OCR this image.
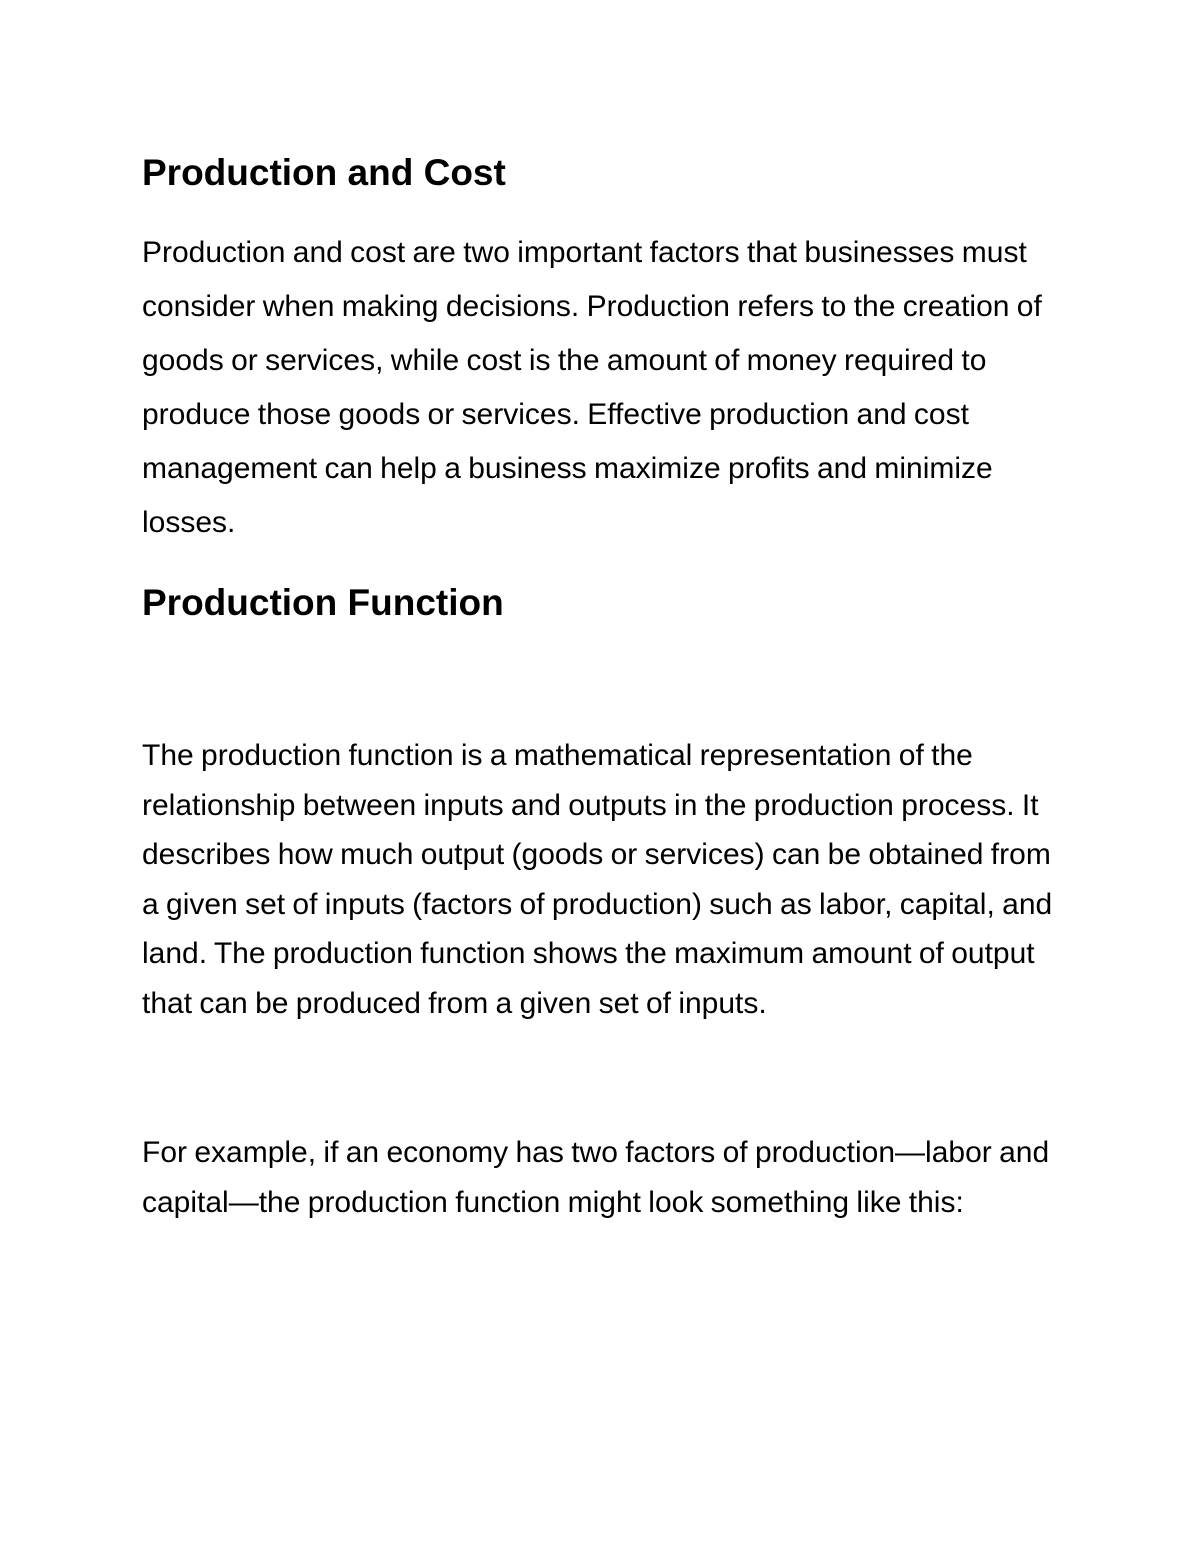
Production and Cost

Production and cost are two important factors that businesses must consider when making decisions. Production refers to the creation of goods or services, while cost is the amount of money required to produce those goods or services. Effective production and cost management can help a business maximize profits and minimize losses.

Production Function

The production function is a mathematical representation of the relationship between inputs and outputs in the production process. It describes how much output (goods or services) can be obtained from a given set of inputs (factors of production) such as labor, capital, and land. The production function shows the maximum amount of output that can be produced from a given set of inputs.

For example, if an economy has two factors of production—labor and capital—the production function might look something like this:
